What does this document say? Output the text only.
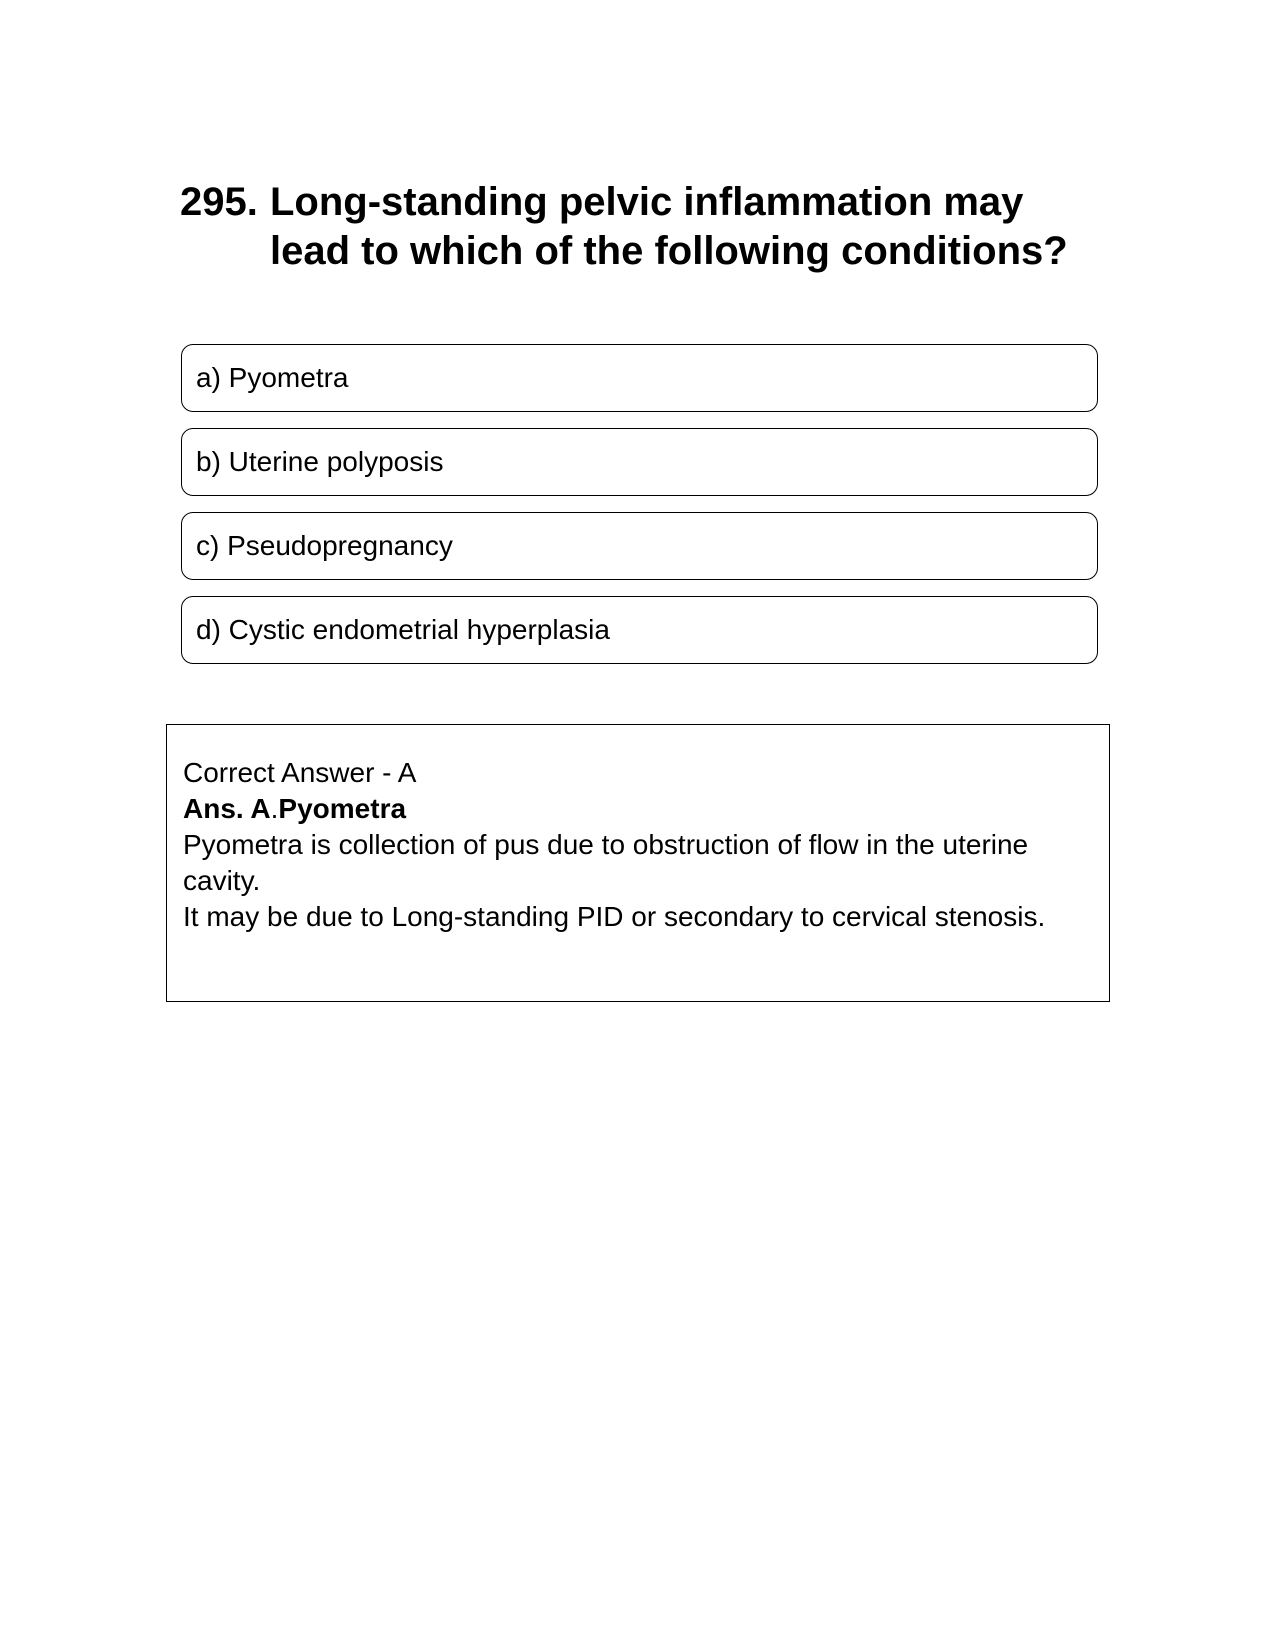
295. Long-standing pelvic inflammation may lead to which of the following conditions?
a) Pyometra
b) Uterine polyposis
c) Pseudopregnancy
d) Cystic endometrial hyperplasia

Correct Answer - A

Ans. A.Pyometra

Pyometra is collection of pus due to obstruction of flow in the uterine cavity.

It may be due to Long-standing PID or secondary to cervical stenosis.
